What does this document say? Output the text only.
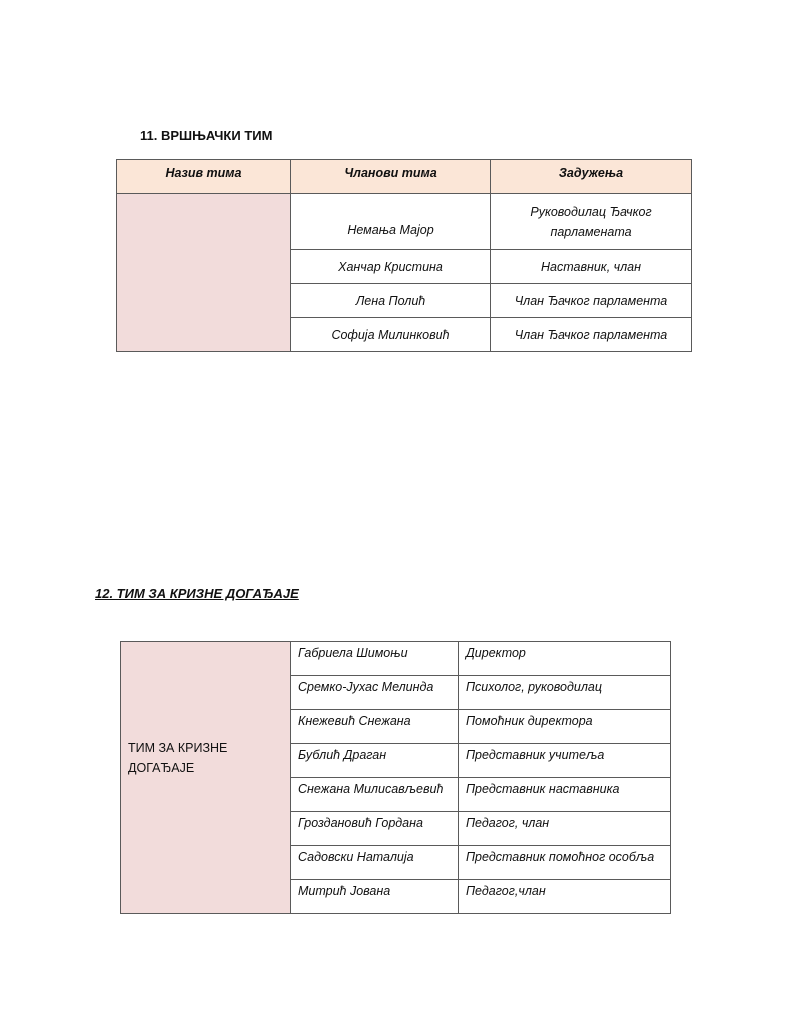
11. ВРШЊАЧКИ ТИМ
Назив тима	Чланови тима	Задужења
	Немања Мајор	Руководилац Ђачког парламената
	Ханчар Кристина	Наставник, члан
	Лена Полић	Члан Ђачког парламента
	Софија Милинковић	Члан Ђачког парламента
12. ТИМ ЗА КРИЗНЕ ДОГАЂАЈЕ
ТИМ ЗА КРИЗНЕ ДОГАЂАЈЕ	Габриела Шимоњи	Директор
	Сремко-Јухас Мелинда	Психолог, руководилац
	Кнежевић Снежана	Помоћник директора
	Бублић Драган	Представник учитеља
	Снежана Милисављевић	Представник наставника
	Гроздановић Гордана	Педагог, члан
	Садовски Наталија	Представник помоћног особља
	Митрић Јована	Педагог,члан
